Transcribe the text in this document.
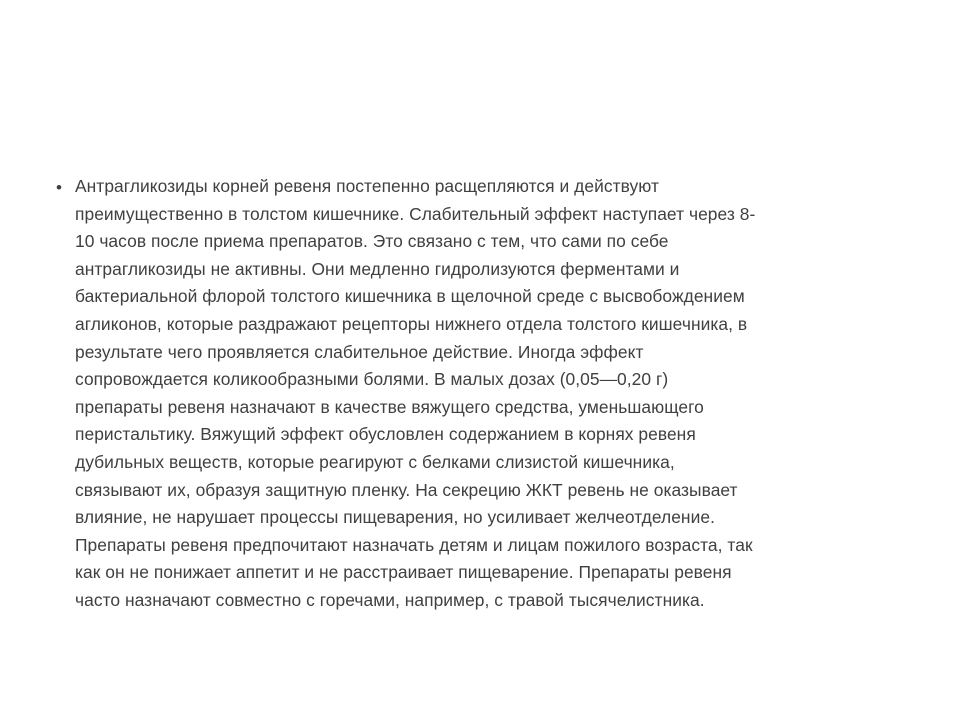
• Антрагликозиды корней ревеня постепенно расщепляются и действуют
преимущественно в толстом кишечнике. Слабительный эффект наступает через 8-
10 часов после приема препаратов. Это связано с тем, что сами по себе
антрагликозиды не активны. Они медленно гидролизуются ферментами и
бактериальной флорой толстого кишечника в щелочной среде с высвобождением
агликонов, которые раздражают рецепторы нижнего отдела толстого кишечника, в
результате чего проявляется слабительное действие. Иногда эффект
сопровождается коликообразными болями. В малых дозах (0,05—0,20 г)
препараты ревеня назначают в качестве вяжущего средства, уменьшающего
перистальтику. Вяжущий эффект обусловлен содержанием в корнях ревеня
дубильных веществ, которые реагируют с белками слизистой кишечника,
связывают их, образуя защитную пленку. На секрецию ЖКТ ревень не оказывает
влияние, не нарушает процессы пищеварения, но усиливает желчеотделение.
Препараты ревеня предпочитают назначать детям и лицам пожилого возраста, так
как он не понижает аппетит и не расстраивает пищеварение. Препараты ревеня
часто назначают совместно с горечами, например, с травой тысячелистника.
